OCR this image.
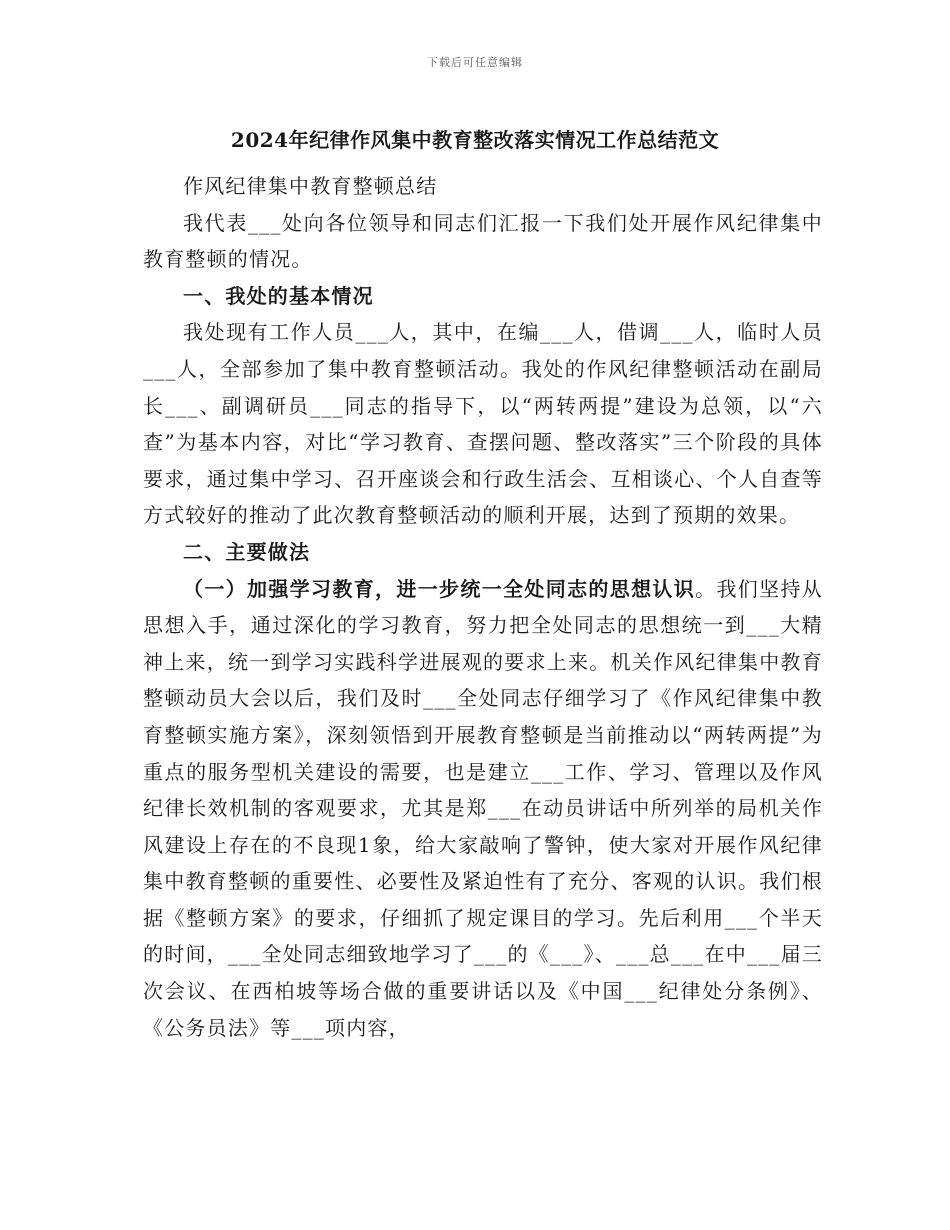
下载后可任意编辑
2024年纪律作风集中教育整改落实情况工作总结范文

作风纪律集中教育整顿总结

我代表___处向各位领导和同志们汇报一下我们处开展作风纪律集中教育整顿的情况。

一、我处的基本情况

我处现有工作人员___人，其中，在编___人，借调___人，临时人员___人，全部参加了集中教育整顿活动。我处的作风纪律整顿活动在副局长___、副调研员___同志的指导下，以“两转两提”建设为总领，以“六查”为基本内容，对比“学习教育、查摆问题、整改落实”三个阶段的具体要求，通过集中学习、召开座谈会和行政生活会、互相谈心、个人自查等方式较好的推动了此次教育整顿活动的顺利开展，达到了预期的效果。

二、主要做法

（一）加强学习教育，进一步统一全处同志的思想认识。我们坚持从思想入手，通过深化的学习教育，努力把全处同志的思想统一到___大精神上来，统一到学习实践科学进展观的要求上来。机关作风纪律集中教育整顿动员大会以后，我们及时___全处同志仔细学习了《作风纪律集中教育整顿实施方案》，深刻领悟到开展教育整顿是当前推动以“两转两提”为重点的服务型机关建设的需要，也是建立___工作、学习、管理以及作风纪律长效机制的客观要求，尤其是郑___在动员讲话中所列举的局机关作风建设上存在的不良现1象，给大家敲响了警钟，使大家对开展作风纪律集中教育整顿的重要性、必要性及紧迫性有了充分、客观的认识。我们根据《整顿方案》的要求，仔细抓了规定课目的学习。先后利用___个半天的时间，___全处同志细致地学习了___的《___》、___总___在中___届三次会议、在西柏坡等场合做的重要讲话以及《中国___纪律处分条例》、《公务员法》等___项内容，
